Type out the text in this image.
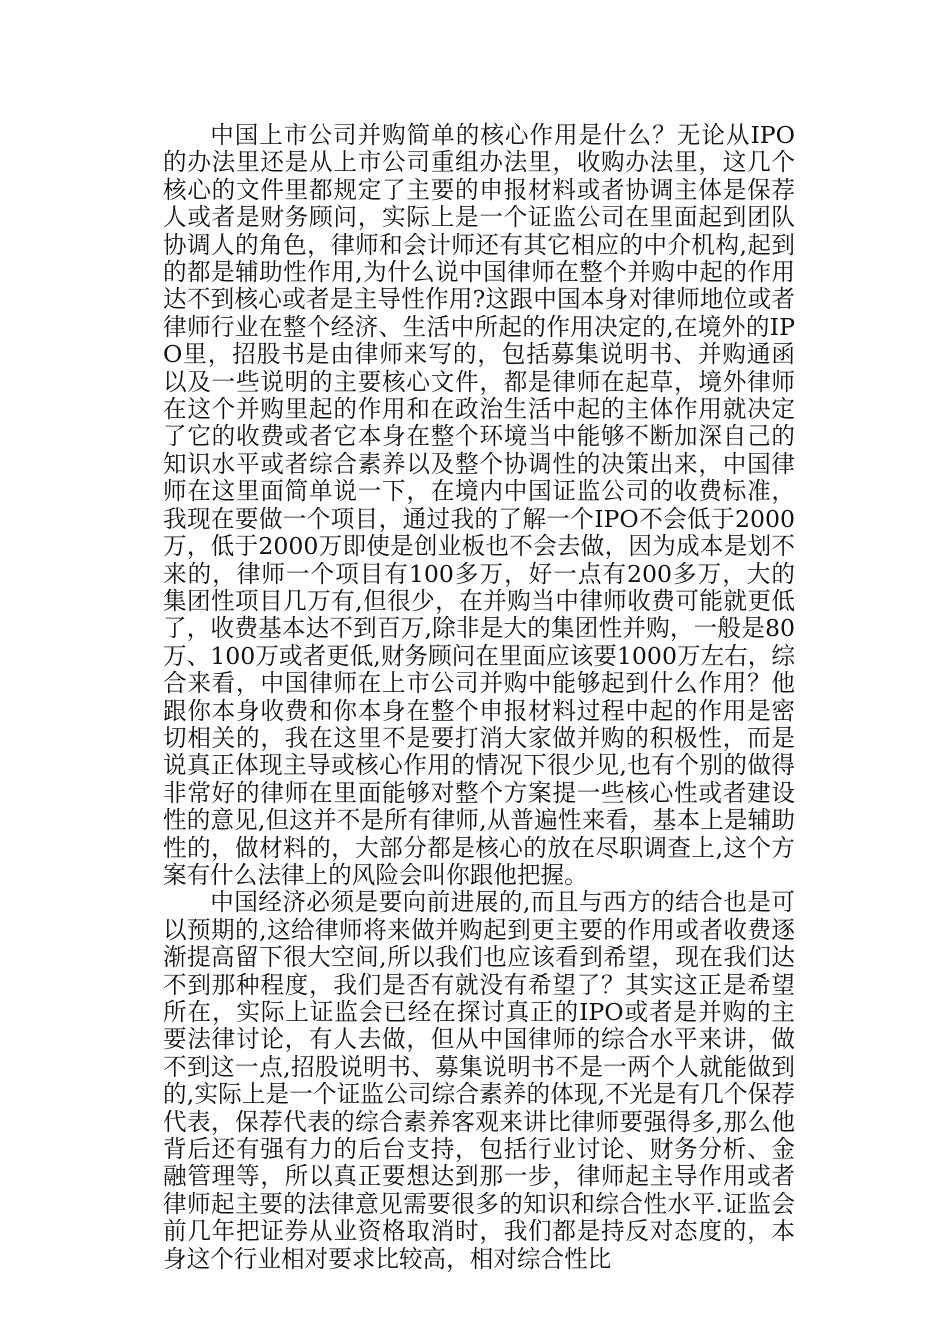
中国上市公司并购简单的核心作用是什么？无论从IPO的办法里还是从上市公司重组办法里，收购办法里，这几个核心的文件里都规定了主要的申报材料或者协调主体是保荐人或者是财务顾问，实际上是一个证监公司在里面起到团队协调人的角色，律师和会计师还有其它相应的中介机构,起到的都是辅助性作用,为什么说中国律师在整个并购中起的作用达不到核心或者是主导性作用?这跟中国本身对律师地位或者律师行业在整个经济、生活中所起的作用决定的,在境外的IPO里，招股书是由律师来写的，包括募集说明书、并购通函以及一些说明的主要核心文件，都是律师在起草，境外律师在这个并购里起的作用和在政治生活中起的主体作用就决定了它的收费或者它本身在整个环境当中能够不断加深自己的知识水平或者综合素养以及整个协调性的决策出来，中国律师在这里面简单说一下，在境内中国证监公司的收费标准，我现在要做一个项目，通过我的了解一个IPO不会低于2000万，低于2000万即使是创业板也不会去做，因为成本是划不来的，律师一个项目有100多万，好一点有200多万，大的集团性项目几万有,但很少，在并购当中律师收费可能就更低了，收费基本达不到百万,除非是大的集团性并购，一般是80万、100万或者更低,财务顾问在里面应该要1000万左右，综合来看，中国律师在上市公司并购中能够起到什么作用？他跟你本身收费和你本身在整个申报材料过程中起的作用是密切相关的，我在这里不是要打消大家做并购的积极性，而是说真正体现主导或核心作用的情况下很少见,也有个别的做得非常好的律师在里面能够对整个方案提一些核心性或者建设性的意见,但这并不是所有律师,从普遍性来看，基本上是辅助性的，做材料的，大部分都是核心的放在尽职调查上,这个方案有什么法律上的风险会叫你跟他把握。

中国经济必须是要向前进展的,而且与西方的结合也是可以预期的,这给律师将来做并购起到更主要的作用或者收费逐渐提高留下很大空间,所以我们也应该看到希望，现在我们达不到那种程度，我们是否有就没有希望了？其实这正是希望所在，实际上证监会已经在探讨真正的IPO或者是并购的主要法律讨论，有人去做，但从中国律师的综合水平来讲，做不到这一点,招股说明书、募集说明书不是一两个人就能做到的,实际上是一个证监公司综合素养的体现,不光是有几个保荐代表，保荐代表的综合素养客观来讲比律师要强得多,那么他背后还有强有力的后台支持，包括行业讨论、财务分析、金融管理等，所以真正要想达到那一步，律师起主导作用或者律师起主要的法律意见需要很多的知识和综合性水平.证监会前几年把证券从业资格取消时，我们都是持反对态度的，本身这个行业相对要求比较高，相对综合性比
